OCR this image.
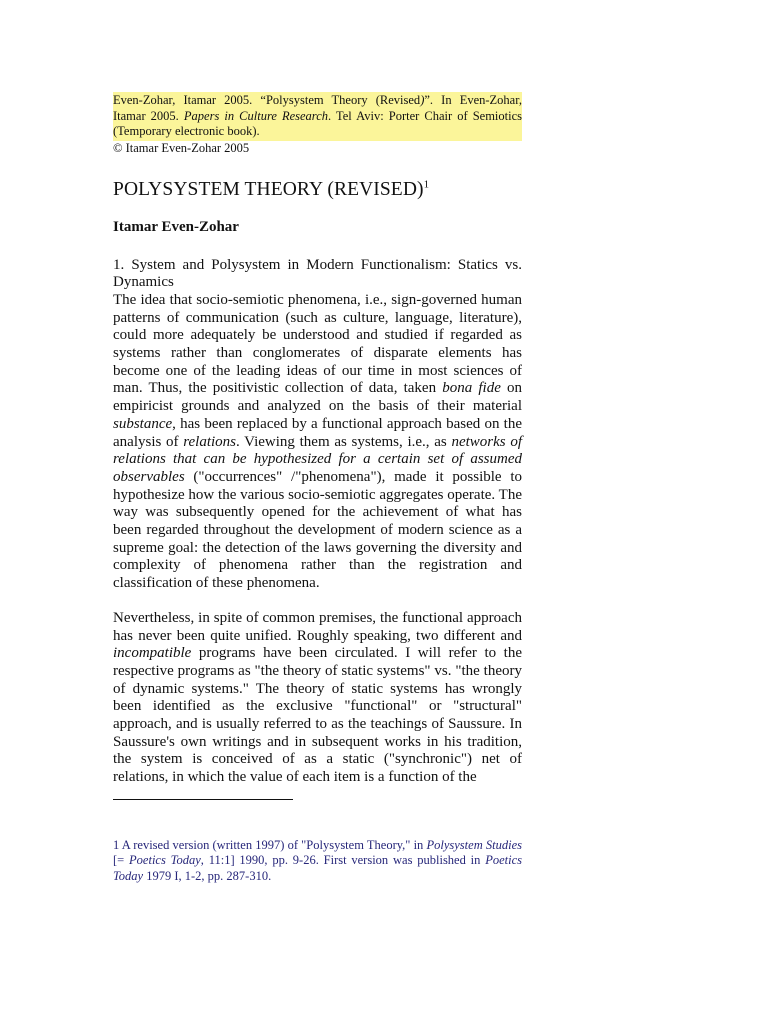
Even-Zohar, Itamar 2005. “Polysystem Theory (Revised)”. In Even-Zohar, Itamar 2005. Papers in Culture Research. Tel Aviv: Porter Chair of Semiotics (Temporary electronic book).

© Itamar Even-Zohar 2005

POLYSYSTEM THEORY (REVISED)$^1$

Itamar Even-Zohar

1. System and Polysystem in Modern Functionalism: Statics vs. Dynamics

The idea that socio-semiotic phenomena, i.e., sign-governed human patterns of communication (such as culture, language, literature), could more adequately be understood and studied if regarded as systems rather than conglomerates of disparate elements has become one of the leading ideas of our time in most sciences of man. Thus, the positivistic collection of data, taken bona fide on empiricist grounds and analyzed on the basis of their material substance, has been replaced by a functional approach based on the analysis of relations. Viewing them as systems, i.e., as networks of relations that can be hypothesized for a certain set of assumed observables ("occurrences" /"phenomena"), made it possible to hypothesize how the various socio-semiotic aggregates operate. The way was subsequently opened for the achievement of what has been regarded throughout the development of modern science as a supreme goal: the detection of the laws governing the diversity and complexity of phenomena rather than the registration and classification of these phenomena.

Nevertheless, in spite of common premises, the functional approach has never been quite unified. Roughly speaking, two different and incompatible programs have been circulated. I will refer to the respective programs as "the theory of static systems" vs. "the theory of dynamic systems." The theory of static systems has wrongly been identified as the exclusive "functional" or "structural" approach, and is usually referred to as the teachings of Saussure. In Saussure's own writings and in subsequent works in his tradition, the system is conceived of as a static ("synchronic") net of relations, in which the value of each item is a function of the

1 A revised version (written 1997) of "Polysystem Theory," in Polysystem Studies [= Poetics Today, 11:1] 1990, pp. 9-26. First version was published in Poetics Today 1979 I, 1-2, pp. 287-310.
